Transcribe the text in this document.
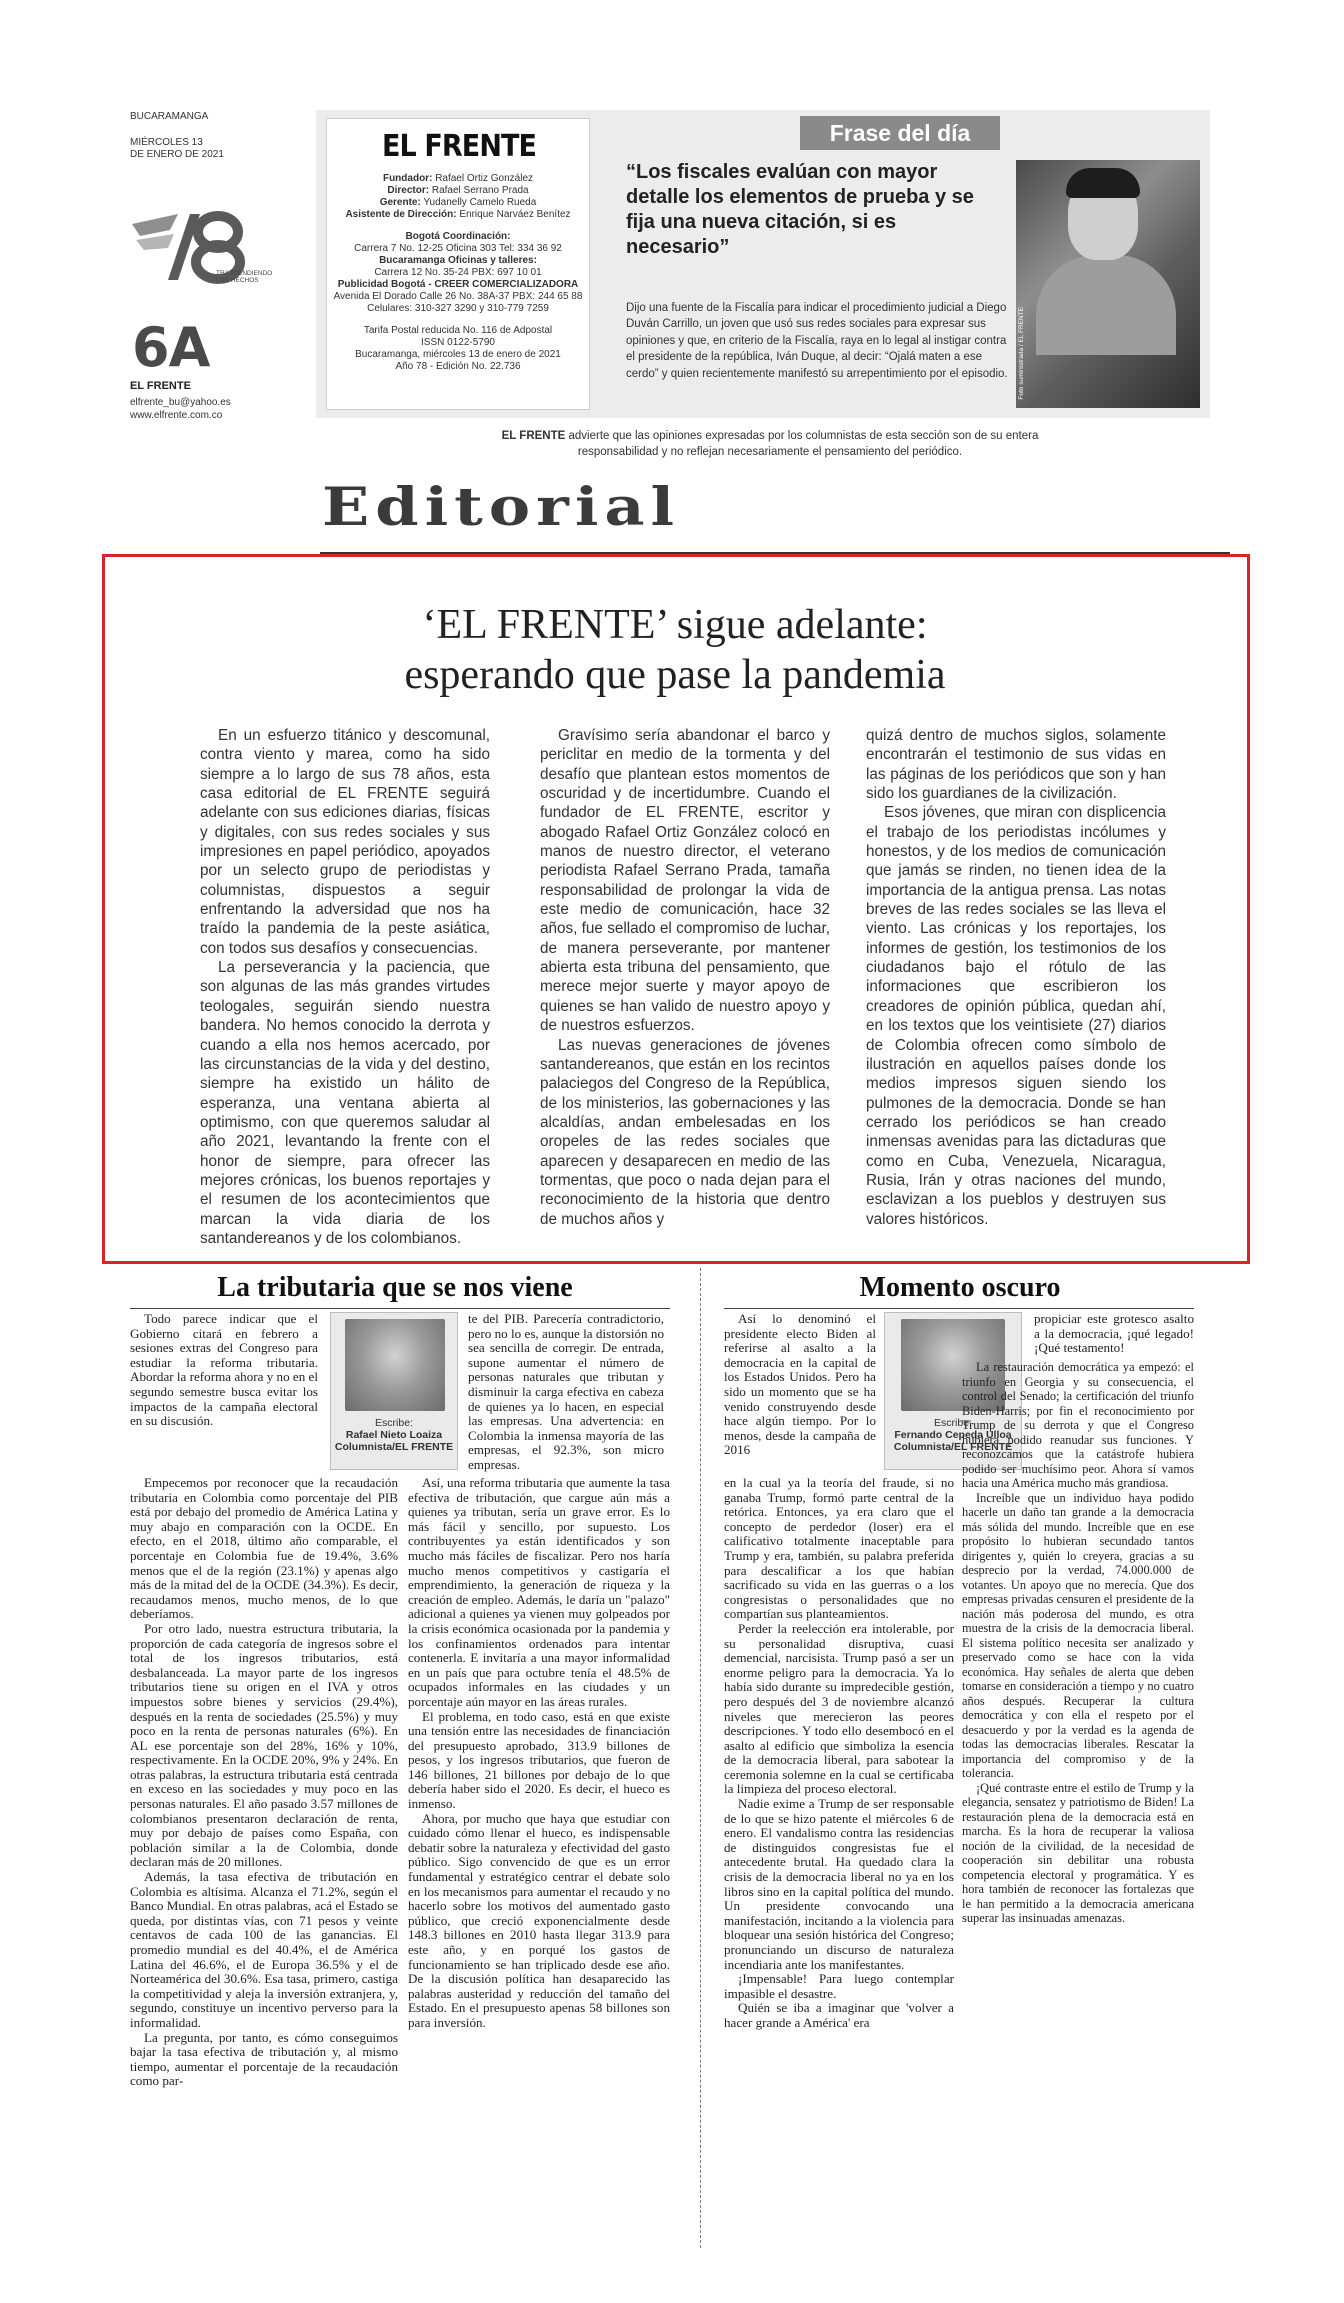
BUCARAMANGA
MIÉRCOLES 13
DE ENERO DE 2021
TRASCENDIENDO LOS HECHOS
6A
EL FRENTE
elfrente_bu@yahoo.es
www.elfrente.com.co
EL FRENTE
Fundador: Rafael Ortiz González
Director: Rafael Serrano Prada
Gerente: Yudanelly Camelo Rueda
Asistente de Dirección: Enrique Narváez Benítez
Bogotá Coordinación:
Carrera 7 No. 12-25 Oficina 303 Tel: 334 36 92
Bucaramanga Oficinas y talleres:
Carrera 12 No. 35-24 PBX: 697 10 01
Publicidad Bogotá - CREER COMERCIALIZADORA
Avenida El Dorado Calle 26 No. 38A-37 PBX: 244 65 88
Celulares: 310-327 3290 y 310-779 7259
Tarifa Postal reducida No. 116 de Adpostal
ISSN 0122-5790
Bucaramanga, miércoles 13 de enero de 2021
Año 78 - Edición No. 22.736
Frase del día
“Los fiscales evalúan con mayor detalle los elementos de prueba y se fija una nueva citación, si es necesario”
Dijo una fuente de la Fiscalía para indicar el procedimiento judicial a Diego Duván Carrillo, un joven que usó sus redes sociales para expresar sus opiniones y que, en criterio de la Fiscalía, raya en lo legal al instigar contra el presidente de la república, Iván Duque, al decir: “Ojalá maten a ese cerdo” y quien recientemente manifestó su arrepentimiento por el episodio.	Foto suministrada / EL FRENTE
EL FRENTE advierte que las opiniones expresadas por los columnistas de esta sección son de su entera responsabilidad y no reflejan necesariamente el pensamiento del periódico.
Editorial
‘EL FRENTE’ sigue adelante:
esperando que pase la pandemia

En un esfuerzo titánico y descomunal, contra viento y marea, como ha sido siempre a lo largo de sus 78 años, esta casa editorial de EL FRENTE seguirá adelante con sus ediciones diarias, físicas y digitales, con sus redes sociales y sus impresiones en papel periódico, apoyados por un selecto grupo de periodistas y columnistas, dispuestos a seguir enfrentando la adversidad que nos ha traído la pandemia de la peste asiática, con todos sus desafíos y consecuencias.

La perseverancia y la paciencia, que son algunas de las más grandes virtudes teologales, seguirán siendo nuestra bandera. No hemos conocido la derrota y cuando a ella nos hemos acercado, por las circunstancias de la vida y del destino, siempre ha existido un hálito de esperanza, una ventana abierta al optimismo, con que queremos saludar al año 2021, levantando la frente con el honor de siempre, para ofrecer las mejores crónicas, los buenos reportajes y el resumen de los acontecimientos que marcan la vida diaria de los santandereanos y de los colombianos.

Gravísimo sería abandonar el barco y periclitar en medio de la tormenta y del desafío que plantean estos momentos de oscuridad y de incertidumbre. Cuando el fundador de EL FRENTE, escritor y abogado Rafael Ortiz González colocó en manos de nuestro director, el veterano periodista Rafael Serrano Prada, tamaña responsabilidad de prolongar la vida de este medio de comunicación, hace 32 años, fue sellado el compromiso de luchar, de manera perseverante, por mantener abierta esta tribuna del pensamiento, que merece mejor suerte y mayor apoyo de quienes se han valido de nuestro apoyo y de nuestros esfuerzos.

Las nuevas generaciones de jóvenes santandereanos, que están en los recintos palaciegos del Congreso de la República, de los ministerios, las gobernaciones y las alcaldías, andan embelesadas en los oropeles de las redes sociales que aparecen y desaparecen en medio de las tormentas, que poco o nada dejan para el reconocimiento de la historia que dentro de muchos años y

quizá dentro de muchos siglos, solamente encontrarán el testimonio de sus vidas en las páginas de los periódicos que son y han sido los guardianes de la civilización.

Esos jóvenes, que miran con displicencia el trabajo de los periodistas incólumes y honestos, y de los medios de comunicación que jamás se rinden, no tienen idea de la importancia de la antigua prensa. Las notas breves de las redes sociales se las lleva el viento. Las crónicas y los reportajes, los informes de gestión, los testimonios de los ciudadanos bajo el rótulo de las informaciones que escribieron los creadores de opinión pública, quedan ahí, en los textos que los veintisiete (27) diarios de Colombia ofrecen como símbolo de ilustración en aquellos países donde los medios impresos siguen siendo los pulmones de la democracia. Donde se han cerrado los periódicos se han creado inmensas avenidas para las dictaduras que como en Cuba, Venezuela, Nicaragua, Rusia, Irán y otras naciones del mundo, esclavizan a los pueblos y destruyen sus valores históricos.

La tributaria que se nos viene	Momento oscuro

Todo parece indicar que el Gobierno citará en febrero a sesiones extras del Congreso para estudiar la reforma tributaria. Abordar la reforma ahora y no en el segundo semestre busca evitar los impactos de la campaña electoral en su discusión.	Escribe:
Rafael Nieto Loaiza
Columnista/EL FRENTE

Empecemos por reconocer que la recaudación tributaria en Colombia como porcentaje del PIB está por debajo del promedio de América Latina y muy abajo en comparación con la OCDE. En efecto, en el 2018, último año comparable, el porcentaje en Colombia fue de 19.4%, 3.6% menos que el de la región (23.1%) y apenas algo más de la mitad del de la OCDE (34.3%). Es decir, recaudamos menos, mucho menos, de lo que deberíamos.

Por otro lado, nuestra estructura tributaria, la proporción de cada categoría de ingresos sobre el total de los ingresos tributarios, está desbalanceada. La mayor parte de los ingresos tributarios tiene su origen en el IVA y otros impuestos sobre bienes y servicios (29.4%), después en la renta de sociedades (25.5%) y muy poco en la renta de personas naturales (6%). En AL ese porcentaje son del 28%, 16% y 10%, respectivamente. En la OCDE 20%, 9% y 24%. En otras palabras, la estructura tributaria está centrada en exceso en las sociedades y muy poco en las personas naturales. El año pasado 3.57 millones de colombianos presentaron declaración de renta, muy por debajo de países como España, con población similar a la de Colombia, donde declaran más de 20 millones.

Además, la tasa efectiva de tributación en Colombia es altísima. Alcanza el 71.2%, según el Banco Mundial. En otras palabras, acá el Estado se queda, por distintas vías, con 71 pesos y veinte centavos de cada 100 de las ganancias. El promedio mundial es del 40.4%, el de América Latina del 46.6%, el de Europa 36.5% y el de Norteamérica del 30.6%. Esa tasa, primero, castiga la competitividad y aleja la inversión extranjera, y, segundo, constituye un incentivo perverso para la informalidad.

La pregunta, por tanto, es cómo conseguimos bajar la tasa efectiva de tributación y, al mismo tiempo, aumentar el porcentaje de la recaudación como par-

te del PIB. Parecería contradictorio, pero no lo es, aunque la distorsión no sea sencilla de corregir. De entrada, supone aumentar el número de personas naturales que tributan y disminuir la carga efectiva en cabeza de quienes ya lo hacen, en especial las empresas. Una advertencia: en Colombia la inmensa mayoría de las empresas, el 92.3%, son micro empresas.

Así, una reforma tributaria que aumente la tasa efectiva de tributación, que cargue aún más a quienes ya tributan, sería un grave error. Es lo más fácil y sencillo, por supuesto. Los contribuyentes ya están identificados y son mucho más fáciles de fiscalizar. Pero nos haría mucho menos competitivos y castigaría el emprendimiento, la generación de riqueza y la creación de empleo. Además, le daría un "palazo" adicional a quienes ya vienen muy golpeados por la crisis económica ocasionada por la pandemia y los confinamientos ordenados para intentar contenerla. E invitaría a una mayor informalidad en un país que para octubre tenía el 48.5% de ocupados informales en las ciudades y un porcentaje aún mayor en las áreas rurales.

El problema, en todo caso, está en que existe una tensión entre las necesidades de financiación del presupuesto aprobado, 313.9 billones de pesos, y los ingresos tributarios, que fueron de 146 billones, 21 billones por debajo de lo que debería haber sido el 2020. Es decir, el hueco es inmenso.

Ahora, por mucho que haya que estudiar con cuidado cómo llenar el hueco, es indispensable debatir sobre la naturaleza y efectividad del gasto público. Sigo convencido de que es un error fundamental y estratégico centrar el debate solo en los mecanismos para aumentar el recaudo y no hacerlo sobre los motivos del aumentado gasto público, que creció exponencialmente desde 148.3 billones en 2010 hasta llegar 313.9 para este año, y en porqué los gastos de funcionamiento se han triplicado desde ese año. De la discusión política han desaparecido las palabras austeridad y reducción del tamaño del Estado. En el presupuesto apenas 58 billones son para inversión.

Así lo denominó el presidente electo Biden al referirse al asalto a la democracia en la capital de los Estados Unidos. Pero ha sido un momento que se ha venido construyendo desde hace algún tiempo. Por lo menos, desde la campaña de 2016

Escribe:
Fernando Cepeda Ulloa
Columnista/EL FRENTE

en la cual ya la teoría del fraude, si no ganaba Trump, formó parte central de la retórica. Entonces, ya era claro que el concepto de perdedor (loser) era el calificativo totalmente inaceptable para Trump y era, también, su palabra preferida para descalificar a los que habían sacrificado su vida en las guerras o a los congresistas o personalidades que no compartían sus planteamientos.

Perder la reelección era intolerable, por su personalidad disruptiva, cuasi demencial, narcisista. Trump pasó a ser un enorme peligro para la democracia. Ya lo había sido durante su impredecible gestión, pero después del 3 de noviembre alcanzó niveles que merecieron las peores descripciones. Y todo ello desembocó en el asalto al edificio que simboliza la esencia de la democracia liberal, para sabotear la ceremonia solemne en la cual se certificaba la limpieza del proceso electoral.

Nadie exime a Trump de ser responsable de lo que se hizo patente el miércoles 6 de enero. El vandalismo contra las residencias de distinguidos congresistas fue el antecedente brutal. Ha quedado clara la crisis de la democracia liberal no ya en los libros sino en la capital política del mundo. Un presidente convocando una manifestación, incitando a la violencia para bloquear una sesión histórica del Congreso; pronunciando un discurso de naturaleza incendiaria ante los manifestantes.

¡Impensable! Para luego contemplar impasible el desastre.

Quién se iba a imaginar que 'volver a hacer grande a América' era

propiciar este grotesco asalto a la democracia, ¡qué legado! ¡Qué testamento!

La restauración democrática ya empezó: el triunfo en Georgia y su consecuencia, el control del Senado; la certificación del triunfo Biden-Harris; por fin el reconocimiento por Trump de su derrota y que el Congreso hubiera podido reanudar sus funciones. Y reconozcamos que la catástrofe hubiera podido ser muchísimo peor. Ahora sí vamos hacia una América mucho más grandiosa.

Increíble que un individuo haya podido hacerle un daño tan grande a la democracia más sólida del mundo. Increíble que en ese propósito lo hubieran secundado tantos dirigentes y, quién lo creyera, gracias a su desprecio por la verdad, 74.000.000 de votantes. Un apoyo que no merecía. Que dos empresas privadas censuren el presidente de la nación más poderosa del mundo, es otra muestra de la crisis de la democracia liberal. El sistema político necesita ser analizado y preservado como se hace con la vida económica. Hay señales de alerta que deben tomarse en consideración a tiempo y no cuatro años después. Recuperar la cultura democrática y con ella el respeto por el desacuerdo y por la verdad es la agenda de todas las democracias liberales. Rescatar la importancia del compromiso y de la tolerancia.

¡Qué contraste entre el estilo de Trump y la elegancia, sensatez y patriotismo de Biden! La restauración plena de la democracia está en marcha. Es la hora de recuperar la valiosa noción de la civilidad, de la necesidad de cooperación sin debilitar una robusta competencia electoral y programática. Y es hora también de reconocer las fortalezas que le han permitido a la democracia americana superar las insinuadas amenazas.
